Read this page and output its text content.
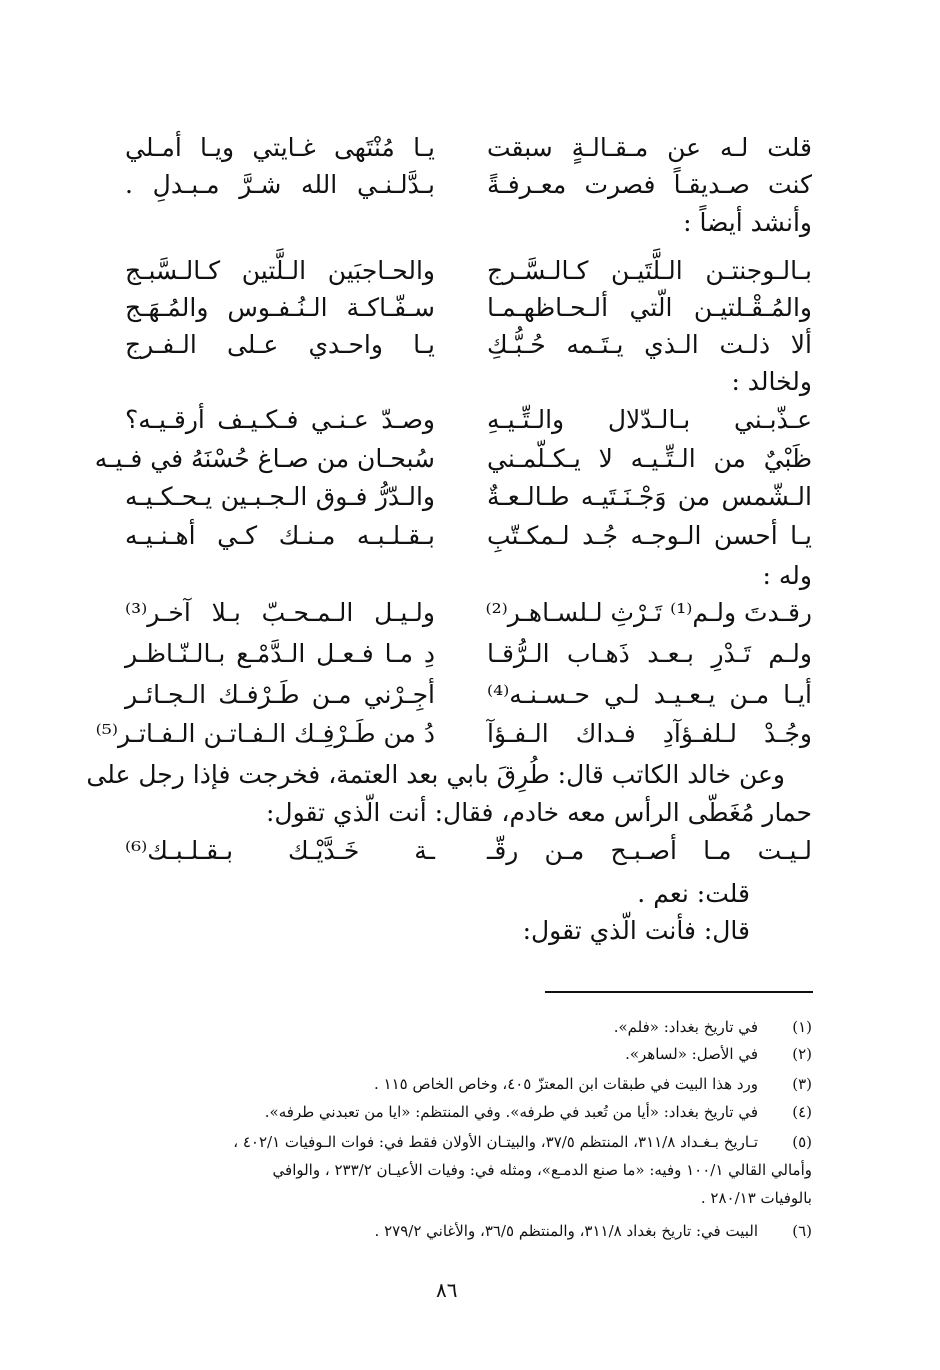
قلت لـه عن مـقـالـةٍ سبقت
يـا مُنْتَهى غـايتي ويـا أمـلي
كنت صـديقـاً فصرت معـرفـةً
بـدَّلـنـي الله شـرَّ مـبـدلِ .
وأنشد أيضاً :
بـالـوجنتـن الـلَّتَيـن كـالـسَّـرج
والحـاجبَين الـلَّتين كـالـسَّبـج
والمُـقْـلتيـن الّتي ألـحـاظهـمـا
سـفّـاكـة الـنُـفـوس والمُـهَـج
ألا ذلـت الـذي يـتَـمه حُـبُّـكِ
يـا واحـدي عـلى الـفـرج
ولخالد :
عـذّبـني بـالـدّلال والـتِّـيـهِ
وصـدّ عـنـي فـكـيـف أرقـيـه؟
ظَبْيٌ من الـتِّـيـه لا يـكـلّمـني
سُبحـان من صـاغ حُسْنَهُ في فـيـه
الـشّمس من وَجْـنَـتَيـه طـالـعـةٌ
والـدّرُّ فـوق الـجـبـين يـحـكـيـه
يـا أحسن الـوجـه جُـد لـمكـتّبِ
بـقـلـبـه مـنـك كـي أهـنـيـه
وله :
رقـدتَ ولـم⁽¹⁾ تَـرْثِ لـلسـاهـر⁽²⁾
ولـيـل الـمـحـبّ بـلا آخـر⁽³⁾
ولـم تَـدْرِ بـعـد ذَهـاب الـرُّقـا
دِ مـا فـعـل الـدَّمْـع بـالـنّـاظـر
أيـا مـن يـعـيـد لـي حـسـنـه⁽⁴⁾
أجِـرْني مـن طَـرْفـك الـجـائـر
وجُـدْ لـلفـؤآدِ فـداك الـفـؤآ
دُ من طَـرْفِـك الـفـاتـن الـفـاتـر⁽⁵⁾
وعن خالد الكاتب قال: طُرِقَ بابي بعد العتمة، فخرجت فإذا رجل على
حمار مُغَطّى الرأس معه خادم، فقال: أنت الّذي تقول:
لـيـت مـا أصـبـح مـن رقّـ
ـة خَـدَّيْـك بـقـلـبـك⁽⁶⁾
قلت: نعم .
قال: فأنت الّذي تقول:
(١)في تاريخ بغداد: «فلم».
(٢)في الأصل: «لساهر».
(٣)ورد هذا البيت في طبقات ابن المعتزّ ٤٠٥، وخاص الخاص ١١٥ .
(٤)في تاريخ بغداد: «أيا من تُعبد في طرفه». وفي المنتظم: «ايا من تعبدني طرفه».
(٥)تـاريخ بـغـداد ٣١١/٨، المنتظم ٣٧/٥، والبيتـان الأولان فقط في: فوات الـوفيات ٤٠٢/١ ،
وأمالي القالي ١٠٠/١ وفيه: «ما صنع الدمـع»، ومثله في: وفيات الأعيـان ٢٣٣/٢ ، والوافي
بالوفيات ٢٨٠/١٣ .
(٦)البيت في: تاريخ بغداد ٣١١/٨، والمنتظم ٣٦/٥، والأغاني ٢٧٩/٢ .
٨٦
